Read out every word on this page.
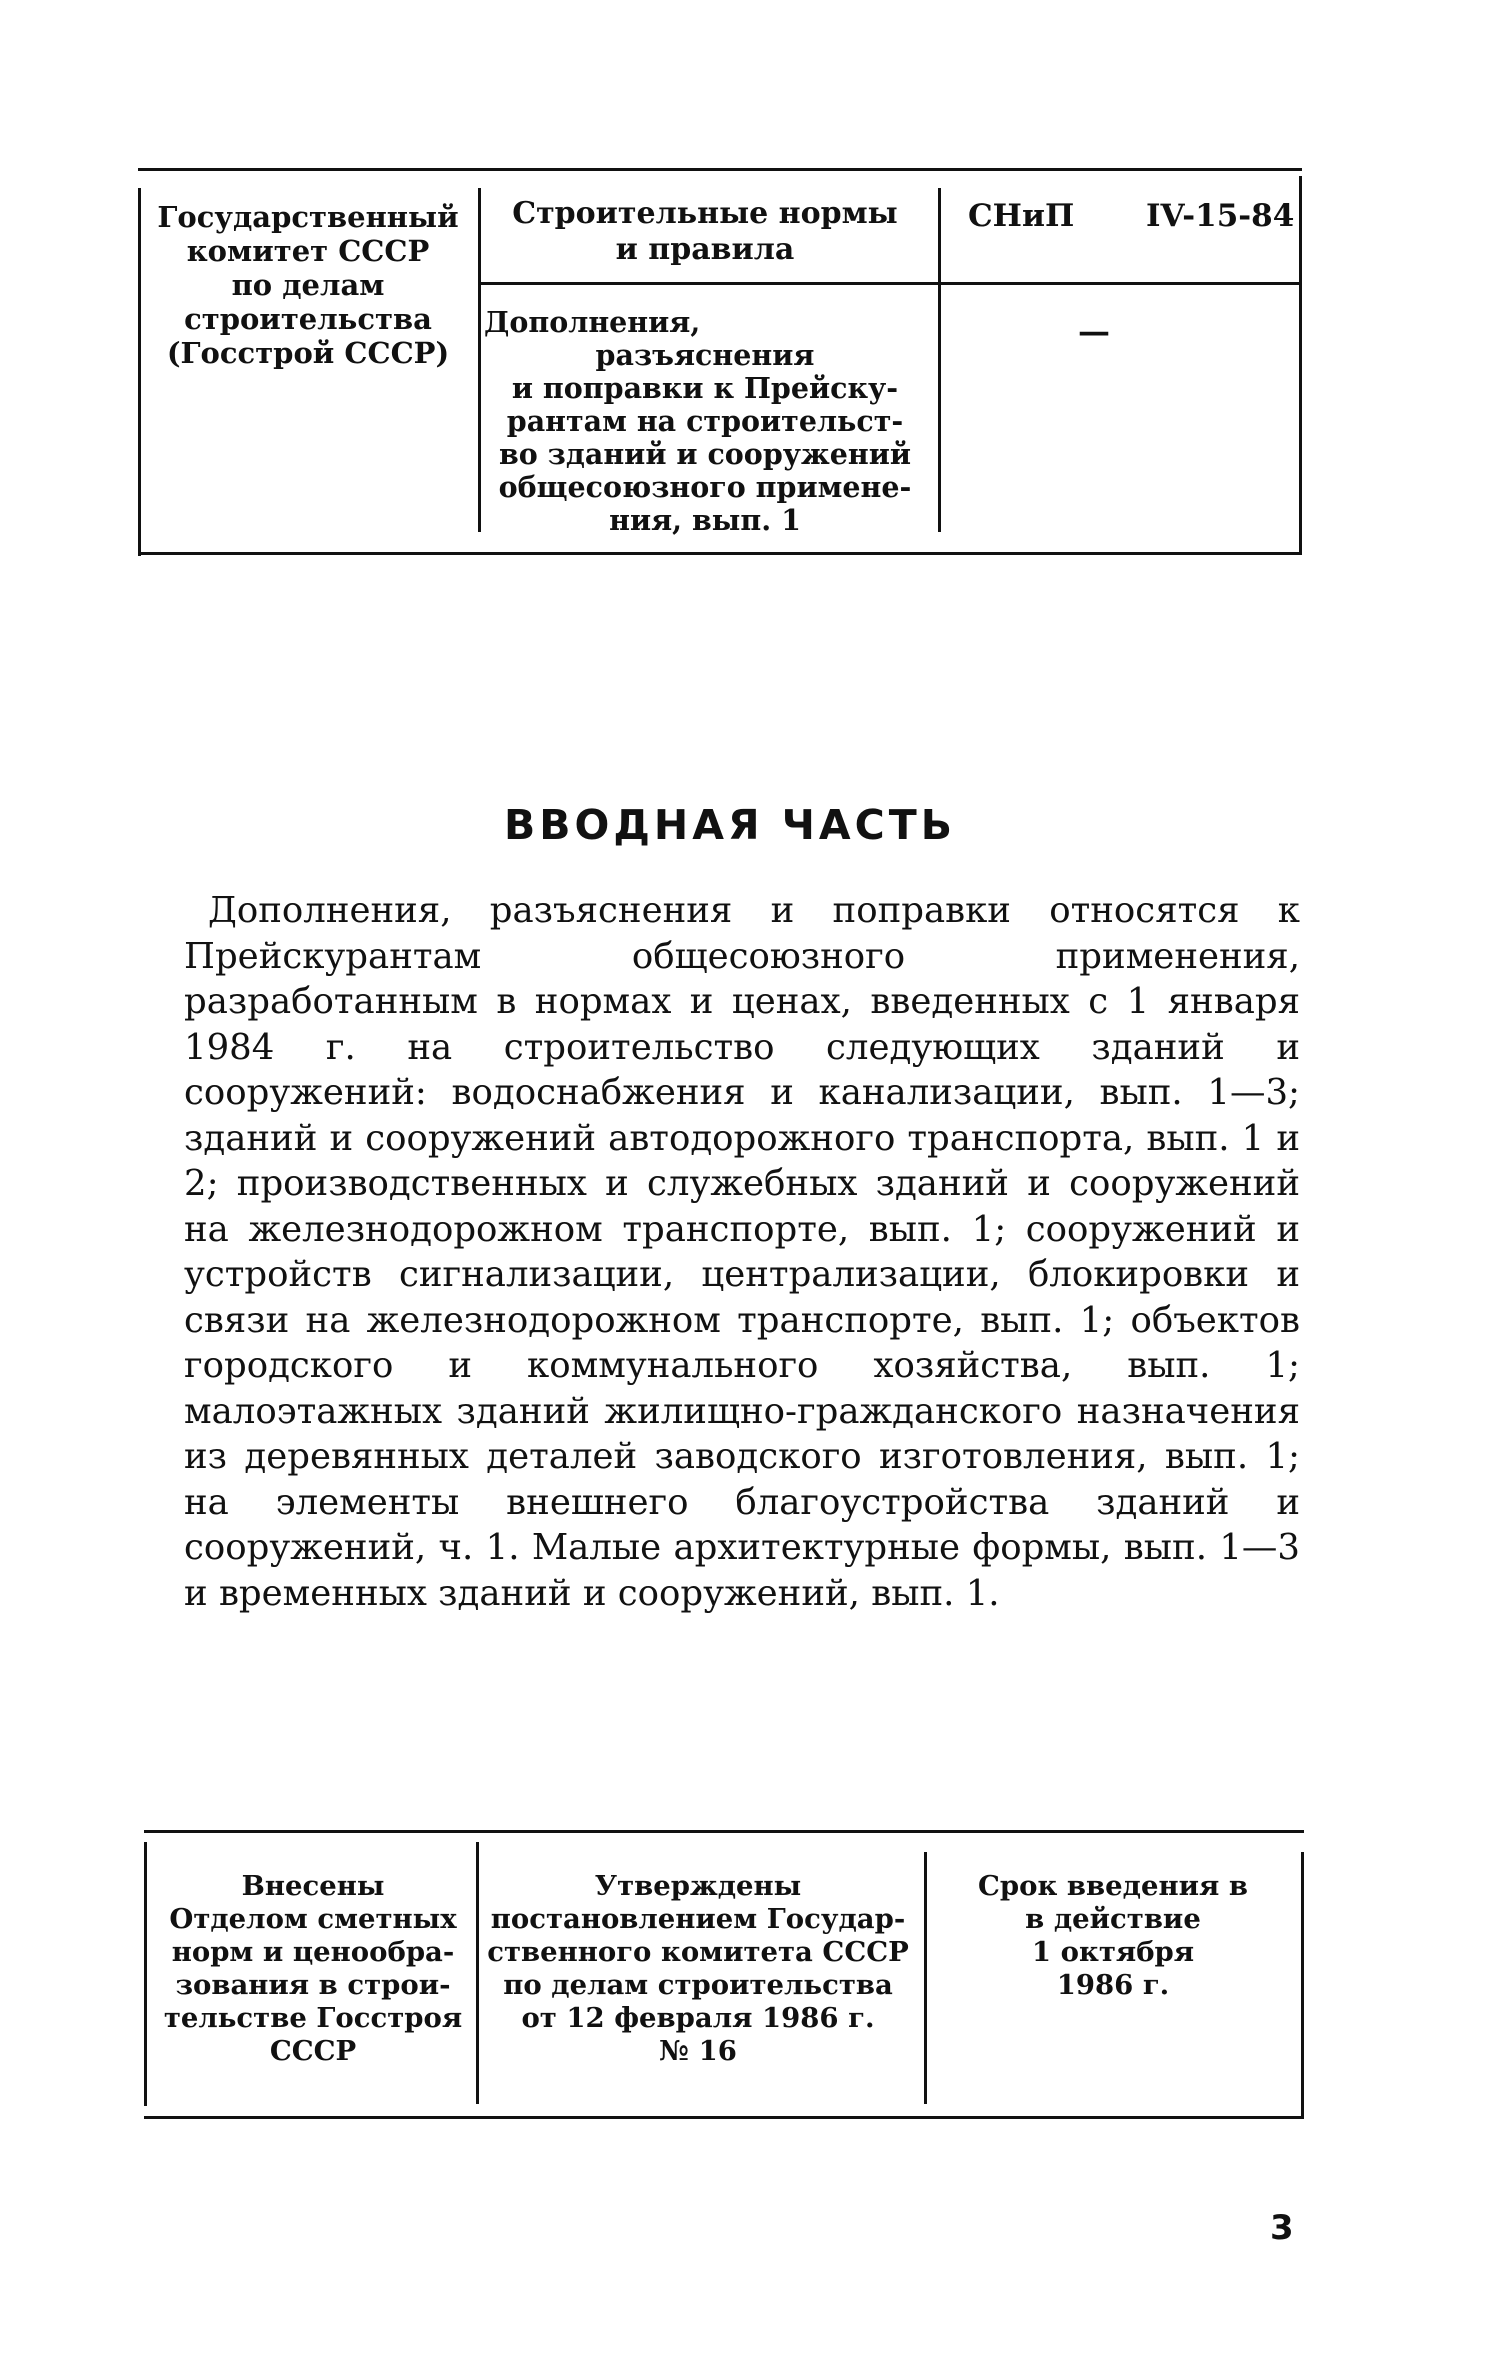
Государственный
комитет СССР
по делам
строительства
(Госстрой СССР)
Строительные нормы
и правила
СНиП IV-15-84
Дополнения, разъяснения
и поправки к Прейску-
рантам на строительст-
во зданий и сооружений
общесоюзного примене-
ния, вып. 1
—
ВВОДНАЯ ЧАСТЬ
Дополнения, разъяснения и поправки относятся к Прейскурантам общесоюзного применения, разработанным в нормах и ценах, введенных с 1 января 1984 г. на строительство следующих зданий и сооружений: водоснабжения и канализации, вып. 1—3; зданий и сооружений автодорожного транспорта, вып. 1 и 2; производственных и служебных зданий и сооружений на железнодорожном транспорте, вып. 1; сооружений и устройств сигнализации, централизации, блокировки и связи на железнодорожном транспорте, вып. 1; объектов городского и коммунального хозяйства, вып. 1; малоэтажных зданий жилищно-гражданского назначения из деревянных деталей заводского изготовления, вып. 1; на элементы внешнего благоустройства зданий и сооружений, ч. 1. Малые архитектурные формы, вып. 1—3 и временных зданий и сооружений, вып. 1.
Внесены
Отделом сметных
норм и ценообра-
зования в строи-
тельстве Госстроя
СССР
Утверждены
постановлением Государ-
ственного комитета СССР
по делам строительства
от 12 февраля 1986 г.
№ 16
Срок введения в
в действие
1 октября
1986 г.
3
